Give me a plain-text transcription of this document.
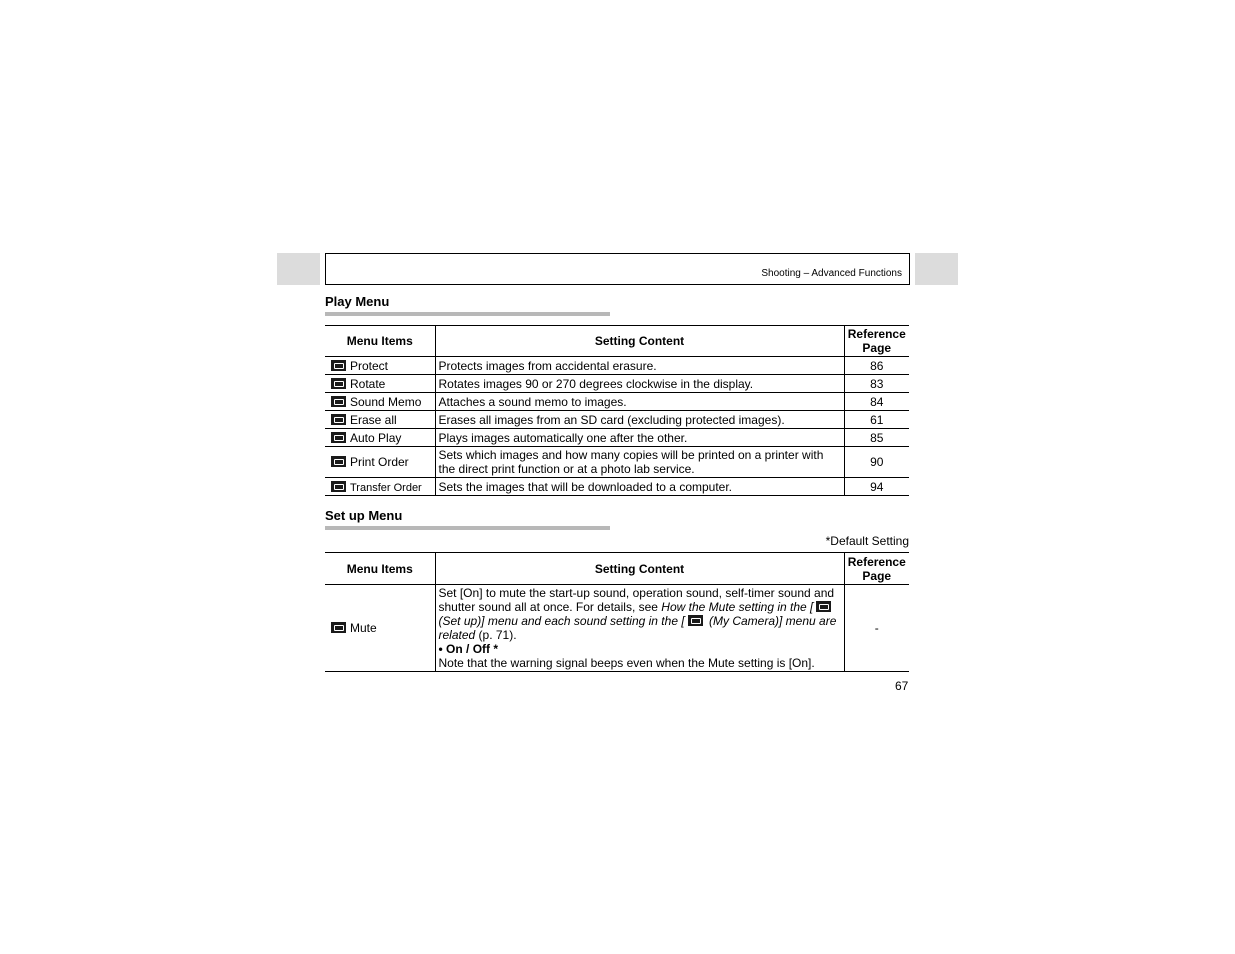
Shooting – Advanced Functions
Play Menu
Menu Items	Setting Content	Reference Page
Protect	Protects images from accidental erasure.	86
Rotate	Rotates images 90 or 270 degrees clockwise in the display.	83
Sound Memo	Attaches a sound memo to images.	84
Erase all	Erases all images from an SD card (excluding protected images).	61
Auto Play	Plays images automatically one after the other.	85
Print Order	Sets which images and how many copies will be printed on a printer with the direct print function or at a photo lab service.	90
Transfer Order	Sets the images that will be downloaded to a computer.	94
Set up Menu
*Default Setting
Menu Items	Setting Content	Reference Page
Mute	Set [On] to mute the start-up sound, operation sound, self-timer sound and shutter sound all at once. For details, see How the Mute setting in the [ (Set up)] menu and each sound setting in the [ (My Camera)] menu are related (p. 71).
• On / Off *
Note that the warning signal beeps even when the Mute setting is [On].	-
67
